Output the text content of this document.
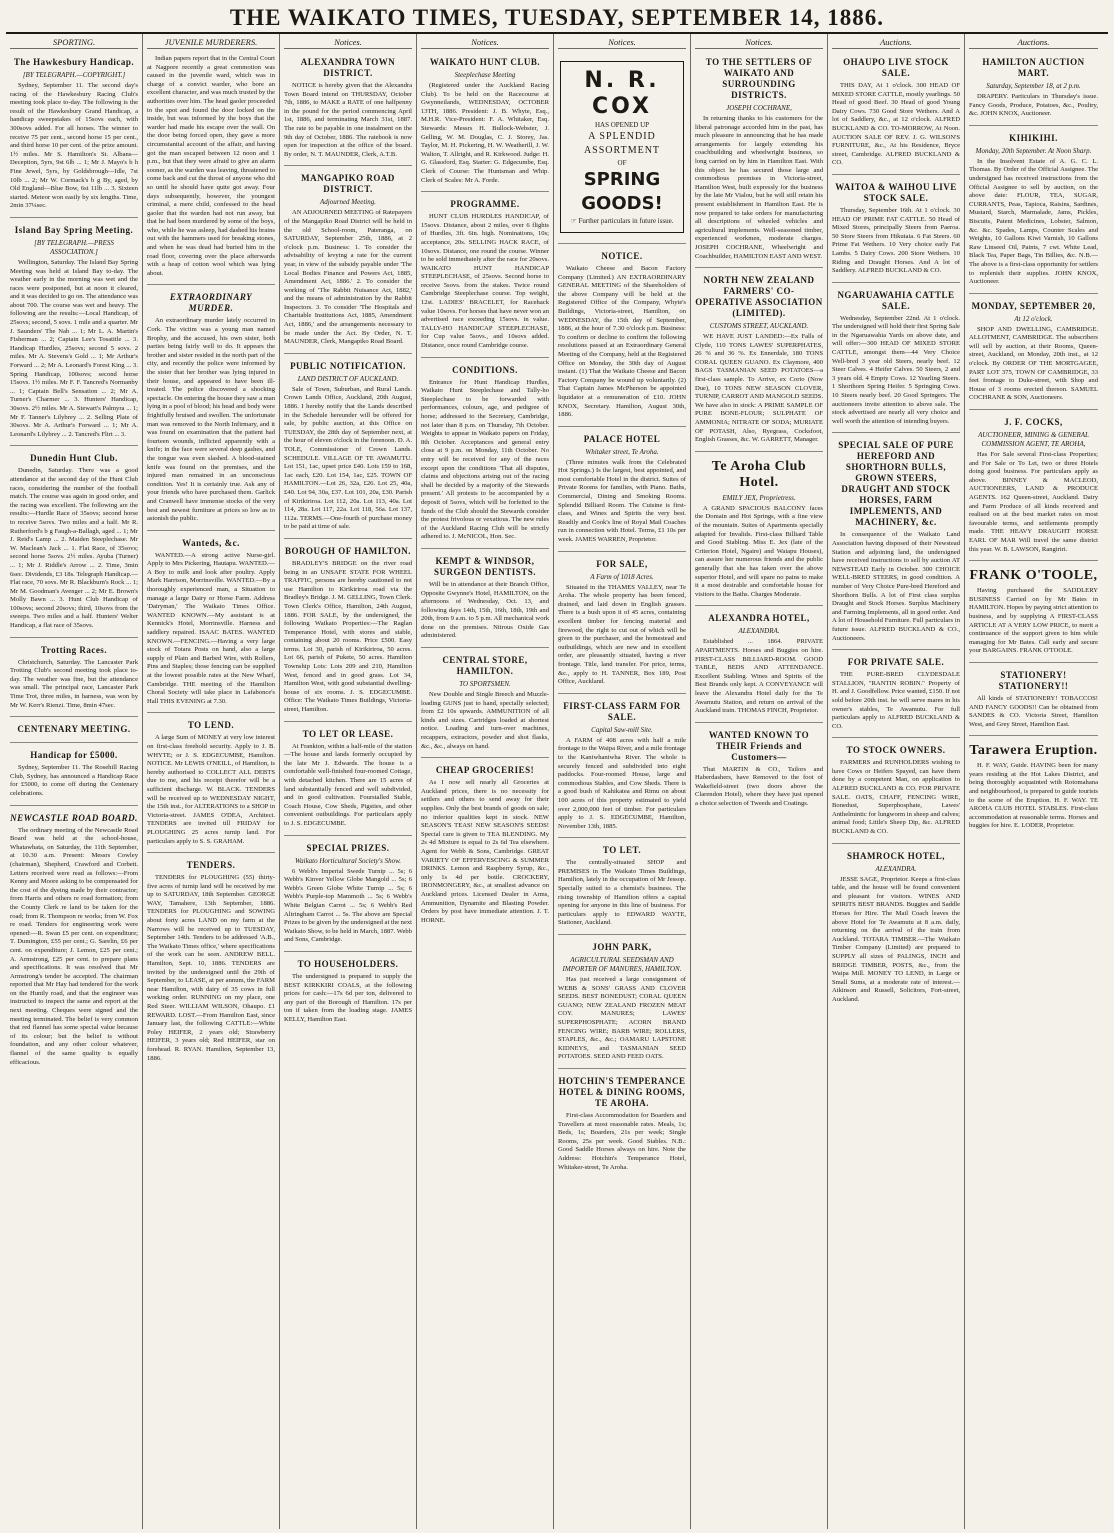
THE WAIKATO TIMES, TUESDAY, SEPTEMBER 14, 1886.
SPORTING.
The Hawkesbury Handicap.
[BY TELEGRAPH.—COPYRIGHT.]
Sydney, September 11. The second day's racing of the Hawkesbury Racing Club's meeting took place to-day. The following is the result of the Hawkesbury Grand Handicap, a handicap sweepstakes of 15sovs each, with 300sovs added. For all horses. The winner to receive 75 per cent., second horse 15 per cent., and third horse 10 per cent. of the prize amount. 1½ miles. Mr S. Hamilton's St. Albans—Deception, 5yrs, 9st 6lb ... 1; Mr J. Mayo's b h Fine Jewel, 5yrs, by Goldsbrough—Idle, 7st 10lb ... 2; Mr W. Cormack's b g By, aged, by Old England—Blue Bow, 6st 11lb ... 3. Sixteen started. Meteor won easily by six lengths. Time, 2min 37¼sec.
Island Bay Spring Meeting.
[BY TELEGRAPH.—PRESS ASSOCIATION.]
Wellington, Saturday. The Island Bay Spring Meeting was held at Island Bay to-day. The weather early in the morning was wet and the races were postponed, but at noon it cleared, and it was decided to go on. The attendance was about 700. The course was wet and heavy. The following are the results:—Local Handicap, of 25sovs; second, 5 sovs. 1 mile and a quarter. Mr J. Saunders' The Nab ... 1; Mr L. A. Martin's Fisherman ... 2; Captain Lee's Tosatitle ... 3. Handicap Hurdles, 25sovs; second 5 sovs. 2 miles. Mr A. Stevens's Gold ... 1; Mr Arthur's Forward ... 2; Mr A. Leonard's Forest King ... 3. Spring Handicap, 100sovs; second horse 15sovs. 1½ miles. Mr F. F. Tancred's Normanby ... 1; Captain Bell's Sensation ... 2; Mr A. Turner's Charmer ... 3. Hunters' Handicap, 30sovs. 2½ miles. Mr A. Stewart's Palmyra ... 1; Mr F. Tanner's Lilybrey ... 2. Selling Plate of 30sovs. Mr A. Arthur's Forward ... 1; Mr A. Leonard's Lilybrey ... 2. Tancred's Flirt ... 3.
Dunedin Hunt Club.
Dunedin, Saturday. There was a good attendance at the second day of the Hunt Club races, considering the number of the football match. The course was again in good order, and the racing was excellent. The following are the results:—Hurdle Race of 35sovs; second horse to receive 5sovs. Two miles and a half. Mr R. Rutherford's b g Faugh-a-Ballagh, aged ... 1; Mr J. Reid's Lamp ... 2. Maiden Steeplechase. Mr W. Maclean's Jack ... 1. Flat Race, of 35sovs; second horse 5sovs. 2½ miles. Ayuba (Turner) ... 1; Mr J. Riddle's Arrow ... 2. Time, 3min 6sec. Dividends, £3 18s. Telegraph Handicap.—Flat race, 70 sovs. Mr R. Blackburn's Rock ... 1; Mr M. Goodman's Avenger ... 2; Mr E. Brown's Molly Bawn ... 3. Hunt Club Handicap of 100sovs; second 20sovs; third, 10sovs from the sweeps. Two miles and a half. Hunters' Welter Handicap, a flat race of 35sovs.
Trotting Races.
Christchurch, Saturday. The Lancaster Park Trotting Club's second meeting took place to-day. The weather was fine, but the attendance was small. The principal race, Lancaster Park Time Trot, three miles, in harness, was won by Mr W. Kerr's Rienzi. Time, 8min 47sec.
CENTENARY MEETING.
Handicap for £5000.
Sydney, September 11. The Rosehill Racing Club, Sydney, has announced a Handicap Race for £5000, to come off during the Centenary celebrations.
NEWCASTLE ROAD BOARD.
The ordinary meeting of the Newcastle Road Board was held at the school-house, Whatawhata, on Saturday, the 11th September, at 10.30 a.m. Present: Messrs Cowley (chairman), Shepherd, Crawford and Corbett. Letters received were read as follows:—From Kenny and Moore asking to be compensated for the cost of the dyeing made by their contractor; from Harris and others re road formation; from the County Clerk re land to be taken for the road; from R. Thompson re works; from W. Fox re road. Tenders for engineering work were opened:—R. Swan £5 per cent. on expenditure; T. Dumington, £55 per cent.; G. Sarelin, £6 per cent. on expenditure; J. Lemon, £25 per cent.; A. Armstrong, £25 per cent. to prepare plans and specifications. It was resolved that Mr Armstrong's tender be accepted. The chairman reported that Mr Hay had tendered for the work on the Huntly road, and that the engineer was instructed to inspect the same and report at the next meeting. Cheques were signed and the meeting terminated. The belief is very common that red flannel has some special value because of its colour; but the belief is without foundation, and any other colour whatever, flannel of the same quality is equally efficacious.
JUVENILE MURDERERS.
Indian papers report that in the Central Court at Nagpore recently a great commotion was caused in the juvenile ward, which was in charge of a convict warder, who bore an excellent character, and was much trusted by the authorities over him. The head gaoler proceeded to the spot and found the door locked on the inside, but was informed by the boys that the warder had made his escape over the wall. On the door being forced open, they gave a more circumstantial account of the affair, and having got the man escaped between 12 noon and 1 p.m., but that they were afraid to give an alarm sooner, as the warden was leaving, threatened to come back and cut the throat of anyone who did so until he should have quite got away. Four days subsequently, however, the youngest criminal, a mere child, confessed to the head gaoler that the warden had not run away, but that he had been murdered by some of the boys, who, while he was asleep, had dashed his brains out with the hammers used for breaking stones, and when he was dead had buried him in the road floor, covering over the place afterwards with a heap of cotton wool which was lying about.
EXTRAORDINARY MURDER.
An extraordinary murder lately occurred in Cork. The victim was a young man named Brophy, and the accused, his own sister, both parties being fairly well to do. It appears the brother and sister resided in the north part of the city, and recently the police were informed by the sister that her brother was lying injured in their house, and appeared to have been ill-treated. The police discovered a shocking spectacle. On entering the house they saw a man lying in a pool of blood; his head and body were frightfully bruised and swollen. The unfortunate man was removed to the North Infirmary, and it was found on examination that the patient had fourteen wounds, inflicted apparently with a knife; in the face were several deep gashes, and the tongue was even slashed. A blood-stained knife was found on the premises, and the injured man remained in an unconscious condition. Yes! It is certainly true. Ask any of your friends who have purchased them. Garlick and Cranwell have immense stocks of the very best and newest furniture at prices so low as to astonish the public.
Wanteds, &c.
WANTED.—A strong active Nurse-girl. Apply to Mrs Pickering, Hautapu. WANTED.—A Boy to milk and look after poultry. Apply Mark Harrison, Morrinsville. WANTED.—By a thoroughly experienced man, a Situation to manage a large Dairy or Horse Farm. Address 'Dairyman,' The Waikato Times Office. WANTED KNOWN.—My assistant is at Kennick's Hotel, Morrinsville. Harness and saddlery repaired. ISAAC BATES. WANTED KNOWN.—FENCING.—Having a very large stock of Totara Posts on hand, also a large supply of Plain and Barbed Wire, with Rollers, Pins and Staples; those fencing can be supplied at the lowest possible rates at the New Wharf, Cambridge. THE meeting of the Hamilton Choral Society will take place in Lafabonce's Hall THIS EVENING at 7.30.
TO LEND.
A large Sum of MONEY at very low interest on first-class freehold security. Apply to J. B. WHYTE; or J. S. EDGECUMBE, Hamilton. NOTICE. Mr LEWIS O'NEILL, of Hamilton, is hereby authorised to COLLECT ALL DEBTS due to me, and his receipt therefor will be a sufficient discharge. W. BLACK. TENDERS will be received up to WEDNESDAY NIGHT, the 15th inst., for ALTERATIONS to a SHOP in Victoria-street. JAMES O'DEA, Architect. TENDERS are invited till FRIDAY for PLOUGHING 25 acres turnip land. For particulars apply to S. S. GRAHAM.
TENDERS.
TENDERS for PLOUGHING (55) thirty-five acres of turnip land will be received by me up to SATURDAY, 18th September. GEORGE WAY, Tamahere, 13th September, 1886. TENDERS for PLOUGHING and SOWING about forty acres LAND on my farm at the Narrows will be received up to TUESDAY, September 14th. Tenders to be addressed 'A.B., The Waikato Times office,' where specifications of the work can be seen. ANDREW BELL. Hamilton, Sept. 10, 1886. TENDERS are invited by the undersigned until the 29th of September, to LEASE, at per annum, the FARM near Hamilton, with dairy of 35 cows in full working order. RUNNING on my place, one Red Steer. WILLIAM WILSON, Ohaupo. £1 REWARD. LOST.—From Hamilton East, since January last, the following CATTLE:—White Poley HEIFER, 2 years old; Strawberry HEIFER, 3 years old; Red HEIFER, star on forehead. R. RYAN. Hamilton, September 13, 1886.
Notices.
ALEXANDRA TOWN DISTRICT.
NOTICE is hereby given that the Alexandra Town Board intend on THURSDAY, October 7th, 1886, to MAKE a RATE of one halfpenny in the pound for the period commencing April 1st, 1886, and terminating March 31st, 1887. The rate to be payable in one instalment on the 9th day of October, 1886. The ratebook is now open for inspection at the office of the board. By order, N. T. MAUNDER, Clerk, A.T.B.
MANGAPIKO ROAD DISTRICT.
Adjourned Meeting.
AN ADJOURNED MEETING of Ratepayers of the Mangapiko Road District will be held in the old School-room, Pateranga, on SATURDAY, September 25th, 1886, at 2 o'clock p.m. Business: 1. To consider the advisability of levying a rate for the current year, in view of the subsidy payable under 'The Local Bodies Finance and Powers Act, 1885, Amendment Act, 1886.' 2. To consider the working of 'The Rabbit Nuisance Act, 1882,' and the means of administration by the Rabbit Inspectors. 3. To consider 'The Hospitals and Charitable Institutions Act, 1885, Amendment Act, 1886,' and the arrangements necessary to be made under the Act. By Order, N. T. MAUNDER, Clerk, Mangapiko Road Board.
PUBLIC NOTIFICATION.
LAND DISTRICT OF AUCKLAND.
Sale of Town, Suburban, and Rural Lands. Crown Lands Office, Auckland, 20th August, 1886. I hereby notify that the Lands described in the Schedule hereunder will be offered for sale, by public auction, at this Office on TUESDAY, the 28th day of September next, at the hour of eleven o'clock in the forenoon. D. A. TOLE, Commissioner of Crown Lands. SCHEDULE. VILLAGE OF TE AWAMUTU. Lot 151, 1ac, upset price £40. Lots 159 to 168, 1ac each, £20. Lot 154, 1ac, £25. TOWN OF HAMILTON.—Lot 26, 32a, £26. Lot 25, 40a, £40. Lot 94, 30a, £37. Lot 101, 20a, £30. Parish of Kirikiriroa. Lot 112, 20a. Lot 113, 40a. Lot 114, 28a. Lot 117, 22a. Lot 118, 56a. Lot 137, 112a. TERMS.—One-fourth of purchase money to be paid at time of sale.
BOROUGH OF HAMILTON.
BRADLEY'S BRIDGE on the river road being in an UNSAFE STATE FOR WHEEL TRAFFIC, persons are hereby cautioned to not use Hamilton to Kirikiriroa road via the Bradley's Bridge. J. M. GELLING, Town Clerk. Town Clerk's Office, Hamilton, 24th August, 1886. FOR SALE, by the undersigned, the following Waikato Properties:—The Raglan Temperance Hotel, with stores and stable, containing about 20 rooms. Price £500. Easy terms. Lot 30, parish of Kirikiriroa, 50 acres. Lot 66, parish of Pukete, 50 acres. Hamilton Township Lots: Lots 209 and 210, Hamilton West, fenced and in good grass. Lot 34, Hamilton West, with good substantial dwelling-house of six rooms. J. S. EDGECUMBE. Office: The Waikato Times Buildings, Victoria-street, Hamilton.
TO LET OR LEASE.
At Frankton, within a half-mile of the station—The house and lands formerly occupied by the late Mr J. Edwards. The house is a comfortable well-finished four-roomed Cottage, with detached kitchen. There are 15 acres of land substantially fenced and well subdivided, and in good cultivation. Fourstalled Stable, Coach House, Cow Sheds, Pigsties, and other convenient outbuildings. For particulars apply to J. S. EDGECUMBE.
SPECIAL PRIZES.
Waikato Horticultural Society's Show.
6 Webb's Imperial Swede Turnip ... 5s; 6 Webb's Kinver Yellow Globe Mangold ... 5s; 6 Webb's Green Globe White Turnip ... 5s; 6 Webb's Purple-top Mammoth ... 5s; 6 Webb's White Belgian Carrot ... 5s; 6 Webb's Red Altringham Carrot ... 5s. The above are Special Prizes to be given by the undersigned at the next Waikato Show, to be held in March, 1887. Webb and Sons, Cambridge.
TO HOUSEHOLDERS.
The undersigned is prepared to supply the BEST KIRKKIRI COALS, at the following prices for cash:—17s 6d per ton, delivered to any part of the Borough of Hamilton. 17s per ton if taken from the loading stage. JAMES KELLY, Hamilton East.
Notices.
WAIKATO HUNT CLUB.
Steeplechase Meeting
(Registered under the Auckland Racing Club). To be held on the Racecourse at Gwynneilands, WEDNESDAY, OCTOBER 13TH, 1886. President: J. B. Whyte, Esq., M.H.R. Vice-President: F. A. Whitaker, Esq. Stewards: Messrs H. Bullock-Webster, J. Gelling, W. M. Douglas, C. J. Storey, Jas. Taylor, M. H. Pickering, H. W. Weatherill, J. W. Walton, T. Allright, and R. Kirkwood. Judge: H. G. Glassford, Esq. Starter: G. Edgecumbe, Esq. Clerk of Course: The Huntsman and Whip. Clerk of Scales: Mr A. Forde.
PROGRAMME.
HUNT CLUB HURDLES HANDICAP, of 15sovs. Distance, about 2 miles, over 6 flights of Hurdles, 3ft. 6in. high. Nominations, 10s; acceptance, 20s. SELLING HACK RACE, of 10sovs. Distance, one round the course. Winner to be sold immediately after the race for 20sovs. WAIKATO HUNT HANDICAP STEEPLECHASE, of 25sovs. Second horse to receive 5sovs. from the stakes. Twice round Cambridge Steeplechase course. Top weight, 12st. LADIES' BRACELET, for Racehack value 10sovs. For horses that have never won an advertised race exceeding 15sovs. in value. TALLY-HO HANDICAP STEEPLECHASE, for Cup value 5sovs., and 10sovs added. Distance, once round Cambridge course.
CONDITIONS.
Entrance for Hunt Handicap Hurdles, Waikato Hunt Steeplechase and Tally-ho Steeplechase to be forwarded with performances, colours, age, and pedigree of horse; addressed to the Secretary, Cambridge, not later than 8 p.m. on Thursday, 7th October. Weights to appear in Waikato papers on Friday, 8th October. Acceptances and general entry close at 9 p.m. on Monday, 11th October. No entry will be received for any of the races except upon the conditions 'That all disputes, claims and objections arising out of the racing shall be decided by a majority of the Stewards present.' All protests to be accompanied by a deposit of 5sovs, which will be forfeited to the funds of the Club should the Stewards consider the protest frivolous or vexatious. The new rules of the Auckland Racing Club will be strictly adhered to. J. McNICOL, Hon. Sec.
KEMPT & WINDSOR, SURGEON DENTISTS.
Will be in attendance at their Branch Office, Opposite Gwynne's Hotel, HAMILTON, on the afternoons of Wednesday, Oct. 13, and following days 14th, 15th, 16th, 18th, 19th and 20th, from 9 a.m. to 5 p.m. All mechanical work done on the premises. Nitrous Oxide Gas administered.
CENTRAL STORE, HAMILTON.
TO SPORTSMEN.
New Double and Single Breech and Muzzle-loading GUNS just to hand, specially selected; from £2 10s upwards. AMMUNITION of all kinds and sizes. Cartridges loaded at shortest notice. Loading and turn-over machines, recappers, extractors, powder and shot flasks, &c., &c., always on hand.
CHEAP GROCERIES!
As I now sell nearly all Groceries at Auckland prices, there is no necessity for settlers and others to send away for their supplies. Only the best brands of goods on sale; no inferior qualities kept in stock. NEW SEASON'S TEAS! NEW SEASON'S SEEDS! Special care is given to TEA BLENDING. My 2s 4d Mixture is equal to 2s 6d Tea elsewhere. Agent for Webb & Sons, Cambridge. GREAT VARIETY OF EFFERVESCING & SUMMER DRINKS. Lemon and Raspberry Syrup, &c., only 1s 4d per bottle. CROCKERY, IRONMONGERY, &c., at smallest advance on Auckland prices. Licensed Dealer in Arms, Ammunition, Dynamite and Blasting Powder. Orders by post have immediate attention. J. T. HORNE.
Notices.
N. R. COX
HAS OPENED UP
A SPLENDID ASSORTMENT
OF
SPRING GOODS!
☞ Further particulars in future issue.
NOTICE.
Waikato Cheese and Bacon Factory Company (Limited.) AN EXTRAORDINARY GENERAL MEETING of the Shareholders of the above Company will be held at the Registered Office of the Company, Whyte's Buildings, Victoria-street, Hamilton, on WEDNESDAY, the 15th day of September, 1886, at the hour of 7.30 o'clock p.m. Business: To confirm or decline to confirm the following resolutions passed at an Extraordinary General Meeting of the Company, held at the Registered Office on Monday, the 30th day of August instant. (1) That the Waikato Cheese and Bacon Factory Company be wound up voluntarily. (2) That Captain James McPherson be appointed liquidator at a remuneration of £10. JOHN KNOX, Secretary. Hamilton, August 30th, 1886.
PALACE HOTEL
Whitaker street, Te Aroha.
(Three minutes walk from the Celebrated Hot Springs.) Is the largest, best appointed, and most comfortable Hotel in the district. Suites of Private Rooms for families, with Piano. Baths, Commercial, Dining and Smoking Rooms. Splendid Billiard Room. The Cuisine is first-class, and Wines and Spirits the very best. Readily and Cook's line of Royal Mail Coaches run in connection with Hotel. Terms, £1 10s per week. JAMES WARREN, Proprietor.
FOR SALE,
A Farm of 1018 Acres.
Situated in the THAMES VALLEY, near Te Aroha. The whole property has been fenced, drained, and laid down in English grasses. There is a bush upon it of 45 acres, containing excellent timber for fencing material and firewood, the right to cut out of which will be given to the purchaser, and the homestead and outbuildings, which are new and in excellent order, are pleasantly situated, having a river frontage. Title, land transfer. For price, terms, &c., apply to H. TANNER, Box 189, Post Office, Auckland.
FIRST-CLASS FARM FOR SALE.
Capital Saw-mill Site.
A FARM of 408 acres with half a mile frontage to the Waipa River, and a mile frontage to the Kaniwhaniwha River. The whole is securely fenced and subdivided into eight paddocks. Four-roomed House, large and commodious Stables, and Cow Sheds. There is a good bush of Kahikatea and Rimu on about 100 acres of this property estimated to yield over 2,000,000 feet of timber. For particulars apply to J. S. EDGECUMBE, Hamilton, November 13th, 1885.
TO LET.
The centrally-situated SHOP and PREMISES in The Waikato Times Buildings, Hamilton, lately in the occupation of Mr Jessop. Specially suited to a chemist's business. The rising township of Hamilton offers a capital opening for anyone in this line of business. For particulars apply to EDWARD WAYTE, Stationer, Auckland.
JOHN PARK,
AGRICULTURAL SEEDSMAN AND IMPORTER OF MANURES, HAMILTON.
Has just received a large consignment of WEBB & SONS' GRASS AND CLOVER SEEDS. BEST BONEDUST; CORAL QUEEN GUANO; NEW ZEALAND FROZEN MEAT COY. MANURES; LAWES' SUPERPHOSPHATE; ACORN BRAND FENCING WIRE; BARB WIRE; ROLLERS, STAPLES, &c., &c.; OAMARU LAPSTONE KIDNEYS, and TASMANIAN SEED POTATOES. SEED AND FEED OATS.
HOTCHIN'S TEMPERANCE HOTEL & DINING ROOMS, TE AROHA.
First-class Accommodation for Boarders and Travellers at most reasonable rates. Meals, 1s; Beds, 1s; Boarders, 21s per week; Single Rooms, 25s per week. Good Stables. N.B.: Good Saddle Horses always on hire. Note the Address: Hotchin's Temperance Hotel, Whitaker-street, Te Aroha.
Notices.
TO THE SETTLERS OF WAIKATO AND SURROUNDING DISTRICTS.
JOSEPH COCHRANE,
In returning thanks to his customers for the liberal patronage accorded him in the past, has much pleasure in announcing that he has made arrangements for largely extending his coachbuilding and wheelwright business, so long carried on by him in Hamilton East. With this object he has secured those large and commodious premises in Victoria-street, Hamilton West, built expressly for the business by the late Mr Vialou, but he will still retain his present establishment in Hamilton East. He is now prepared to take orders for manufacturing all descriptions of wheeled vehicles and agricultural implements. Well-seasoned timber, experienced workmen, moderate charges. JOSEPH COCHRANE, Wheelwright and Coachbuilder, HAMILTON EAST AND WEST.
NORTH NEW ZEALAND FARMERS' CO-OPERATIVE ASSOCIATION (LIMITED).
CUSTOMS STREET, AUCKLAND.
WE HAVE JUST LANDED:—Ex Falls of Clyde, 110 TONS LAWES' SUPERPHATES, 26 % and 36 %. Ex Ennerdale, 180 TONS CORAL QUEEN GUANO. Ex Claymore, 400 BAGS TASMANIAN SEED POTATOES—a first-class sample. To Arrive, ex Corio (Now Due), 10 TONS NEW SEASON CLOVER, TURNIP, CARROT AND MANGOLD SEEDS. We have also in stock: A PRIME SAMPLE OF PURE BONE-FLOUR; SULPHATE OF AMMONIA; NITRATE OF SODA; MURIATE OF POTASH, Also, Ryegrass, Cocksfoot, English Grasses, &c. W. GARRETT, Manager.
Te Aroha Club Hotel.
EMILY JEX, Proprietress.
A GRAND SPACIOUS BALCONY faces the Domain and Hot Springs, with a fine view of the mountain. Suites of Apartments specially adapted for Invalids. First-class Billiard Table and Good Stabling. Miss E. Jex (late of the Criterion Hotel, Ngaire) and Waiapu Houses), can assure her numerous friends and the public generally that she has taken over the above superior Hotel, and will spare no pains to make it a most desirable and comfortable house for visitors to the Baths. Charges Moderate.
ALEXANDRA HOTEL,
ALEXANDRA.
Established ... 1864. PRIVATE APARTMENTS. Horses and Buggies on hire. FIRST-CLASS BILLIARD-ROOM. GOOD TABLE, BEDS AND ATTENDANCE. Excellent Stabling. Wines and Spirits of the Best Brands only kept. A CONVEYANCE will leave the Alexandra Hotel daily for the Te Awamutu Station, and return on arrival of the Auckland train. THOMAS FINCH, Proprietor.
WANTED KNOWN TO THEIR Friends and Customers—
That MARTIN & CO., Tailors and Haberdashers, have Removed to the foot of Wakefield-street (two doors above the Clarendon Hotel), where they have just opened a choice selection of Tweeds and Coatings.
Auctions.
OHAUPO LIVE STOCK SALE.
THIS DAY, At 1 o'clock. 300 HEAD OF MIXED STORE CATTLE, mostly yearlings. 50 Head of good Beef. 30 Head of good Young Dairy Cows. 730 Good Store Wethers. And A lot of Saddlery, &c., at 12 o'clock. ALFRED BUCKLAND & CO. TO-MORROW, At Noon. AUCTION SALE OF REV. J. G. WILSON'S FURNITURE, &c., At his Residence, Bryce street, Cambridge. ALFRED BUCKLAND & CO.
WAITOA & WAIHOU LIVE STOCK SALE.
Thursday, September 16th. At 1 o'clock. 30 HEAD OF PRIME FAT CATTLE. 50 Head of Mixed Stores, principally Steers from Paeroa. 50 Store Steers from Hikutaia. 6 Fat Steers. 60 Prime Fat Wethers. 10 Very choice early Fat Lambs. 5 Dairy Cows. 200 Store Wethers. 10 Riding and Draught Horses. And A lot of Saddlery. ALFRED BUCKLAND & CO.
NGARUAWAHIA CATTLE SALE.
Wednesday, September 22nd. At 1 o'clock. The undersigned will hold their first Spring Sale in the Ngaruawahia Yards on above date, and will offer:—300 HEAD OF MIXED STORE CATTLE, amongst them—44 Very Choice Well-bred 3 year old Steers, nearly beef. 12 Steer Calves. 4 Heifer Calves. 50 Steers, 2 and 3 years old. 4 Empty Cows. 12 Yearling Steers. 1 Shorthorn Spring Heifer. 5 Springing Cows. 10 Steers nearly beef. 20 Good Springers. The auctioneers invite attention to above sale. The stock advertised are nearly all very choice and well worth the attention of intending buyers.
SPECIAL SALE OF PURE HEREFORD AND SHORTHORN BULLS, GROWN STEERS, DRAUGHT AND STOCK HORSES, FARM IMPLEMENTS, AND MACHINERY, &c.
In consequence of the Waikato Land Association having disposed of their Newstead Station and adjoining land, the undersigned have received instructions to sell by auction AT NEWSTEAD Early in October. 300 CHOICE WELL-BRED STEERS, in good condition. A number of Very Choice Pure-bred Hereford and Shorthorn Bulls. A lot of First class surplus Draught and Stock Horses. Surplus Machinery and Farming Implements, all in good order. And A lot of Household Furniture. Full particulars in future issue. ALFRED BUCKLAND & CO., Auctioneers.
FOR PRIVATE SALE.
THE PURE-BRED CLYDESDALE STALLION, "RANTIN ROBIN." Property of H. and J. Goodfellow. Price wanted, £150. If not sold before 20th inst. he will serve mares in his owner's stables, Te Awamutu. For full particulars apply to ALFRED BUCKLAND & CO.
TO STOCK OWNERS.
FARMERS and RUNHOLDERS wishing to have Cows or Heifers Spayed, can have them done by a competent Man, on application to ALFRED BUCKLAND & CO. FOR PRIVATE SALE. OATS, CHAFF, FENCING WIRE, Bonedust, Superphosphate, Lawes' Anthelmintic for lungworm in sheep and calves; animal food; Little's Sheep Dip, &c. ALFRED BUCKLAND & CO.
SHAMROCK HOTEL,
ALEXANDRA.
JESSE SAGE, Proprietor. Keeps a first-class table, and the house will be found convenient and pleasant for visitors. WINES AND SPIRITS BEST BRANDS. Buggies and Saddle Horses for Hire. The Mail Coach leaves the above Hotel for Te Awamutu at 8 a.m. daily, returning on the arrival of the train from Auckland. TOTARA TIMBER.—The Waikato Timber Company (Limited) are prepared to SUPPLY all sizes of PALINGS, INCH and BRIDGE TIMBER, POSTS, &c., from the Waipa Mill. MONEY TO LEND, in Large or Small Sums, at a moderate rate of interest.—Atkinson and Russell, Solicitors, Fort-street, Auckland.
Auctions.
HAMILTON AUCTION MART.
Saturday, September 18, at 2 p.m.
DRAPERY. Particulars in Thursday's issue. Fancy Goods, Produce, Potatoes, &c., Poultry, &c. JOHN KNOX, Auctioneer.
KIHIKIHI.
Monday, 20th September. At Noon Sharp.
In the Insolvent Estate of A. G. C. L. Thomas. By Order of the Official Assignee. The undersigned has received instructions from the Official Assignee to sell by auction, on the above date: FLOUR, TEA, SUGAR, CURRANTS, Peas, Tapioca, Raisins, Sardines, Mustard, Starch, Marmalade, Jams, Pickles, Biscuits, Patent Medicines, Lobster, Salmon, &c. &c. Spades, Lamps, Counter Scales and Weights, 10 Gallons Kiwi Varnish, 10 Gallons Raw Linseed Oil, Paints, 7 cwt. White Lead, Black Tea, Paper Bags, Tin Billies, &c. N.B.—The above is a first-class opportunity for settlers to replenish their supplies. JOHN KNOX, Auctioneer.
MONDAY, SEPTEMBER 20,
At 12 o'clock.
SHOP AND DWELLING, CAMBRIDGE. ALLOTMENT, CAMBRIDGE. The subscribers will sell by auction, at their Rooms, Queen-street, Auckland, on Monday, 20th inst., at 12 o'clock. By ORDER OF THE MORTGAGEE, PART LOT 375, TOWN OF CAMBRIDGE, 33 feet frontage to Duke-street, with Shop and House of 3 rooms erected thereon. SAMUEL COCHRANE & SON, Auctioneers.
J. F. COCKS,
AUCTIONEER, MINING & GENERAL COMMISSION AGENT, TE AROHA,
Has For Sale several First-class Properties; and For Sale or To Let, two or three Hotels doing good business. For particulars apply as above. BINNEY & MACLEOD, AUCTIONEERS, LAND & PRODUCE AGENTS. 162 Queen-street, Auckland. Dairy and Farm Produce of all kinds received and realised on at the best market rates on most favourable terms, and settlements promptly made. THE HEAVY DRAUGHT HORSE EARL OF MAR Will travel the same district this year. W. B. LAWSON, Rangiriri.
FRANK O'TOOLE,
Having purchased the SADDLERY BUSINESS Carried on by Mr Bates in HAMILTON. Hopes by paying strict attention to business, and by supplying A FIRST-CLASS ARTICLE AT A VERY LOW PRICE, to merit a continuance of the support given to him while managing for Mr Bates. Call early and secure your BARGAINS. FRANK O'TOOLE.
STATIONERY! STATIONERY!!
All kinds of STATIONERY! TOBACCOS! AND FANCY GOODS!! Can be obtained from SANDES & CO. Victoria Street, Hamilton West, and Grey Street, Hamilton East.
Tarawera Eruption.
H. F. WAY, Guide. HAVING been for many years residing at the Hot Lakes District, and being thoroughly acquainted with Rotomahana and neighbourhood, is prepared to guide tourists to the scene of the Eruption. H. F. WAY. TE AROHA CLUB HOTEL STABLES. First-class accommodation at reasonable terms. Horses and buggies for hire. E. LODER, Proprietor.
